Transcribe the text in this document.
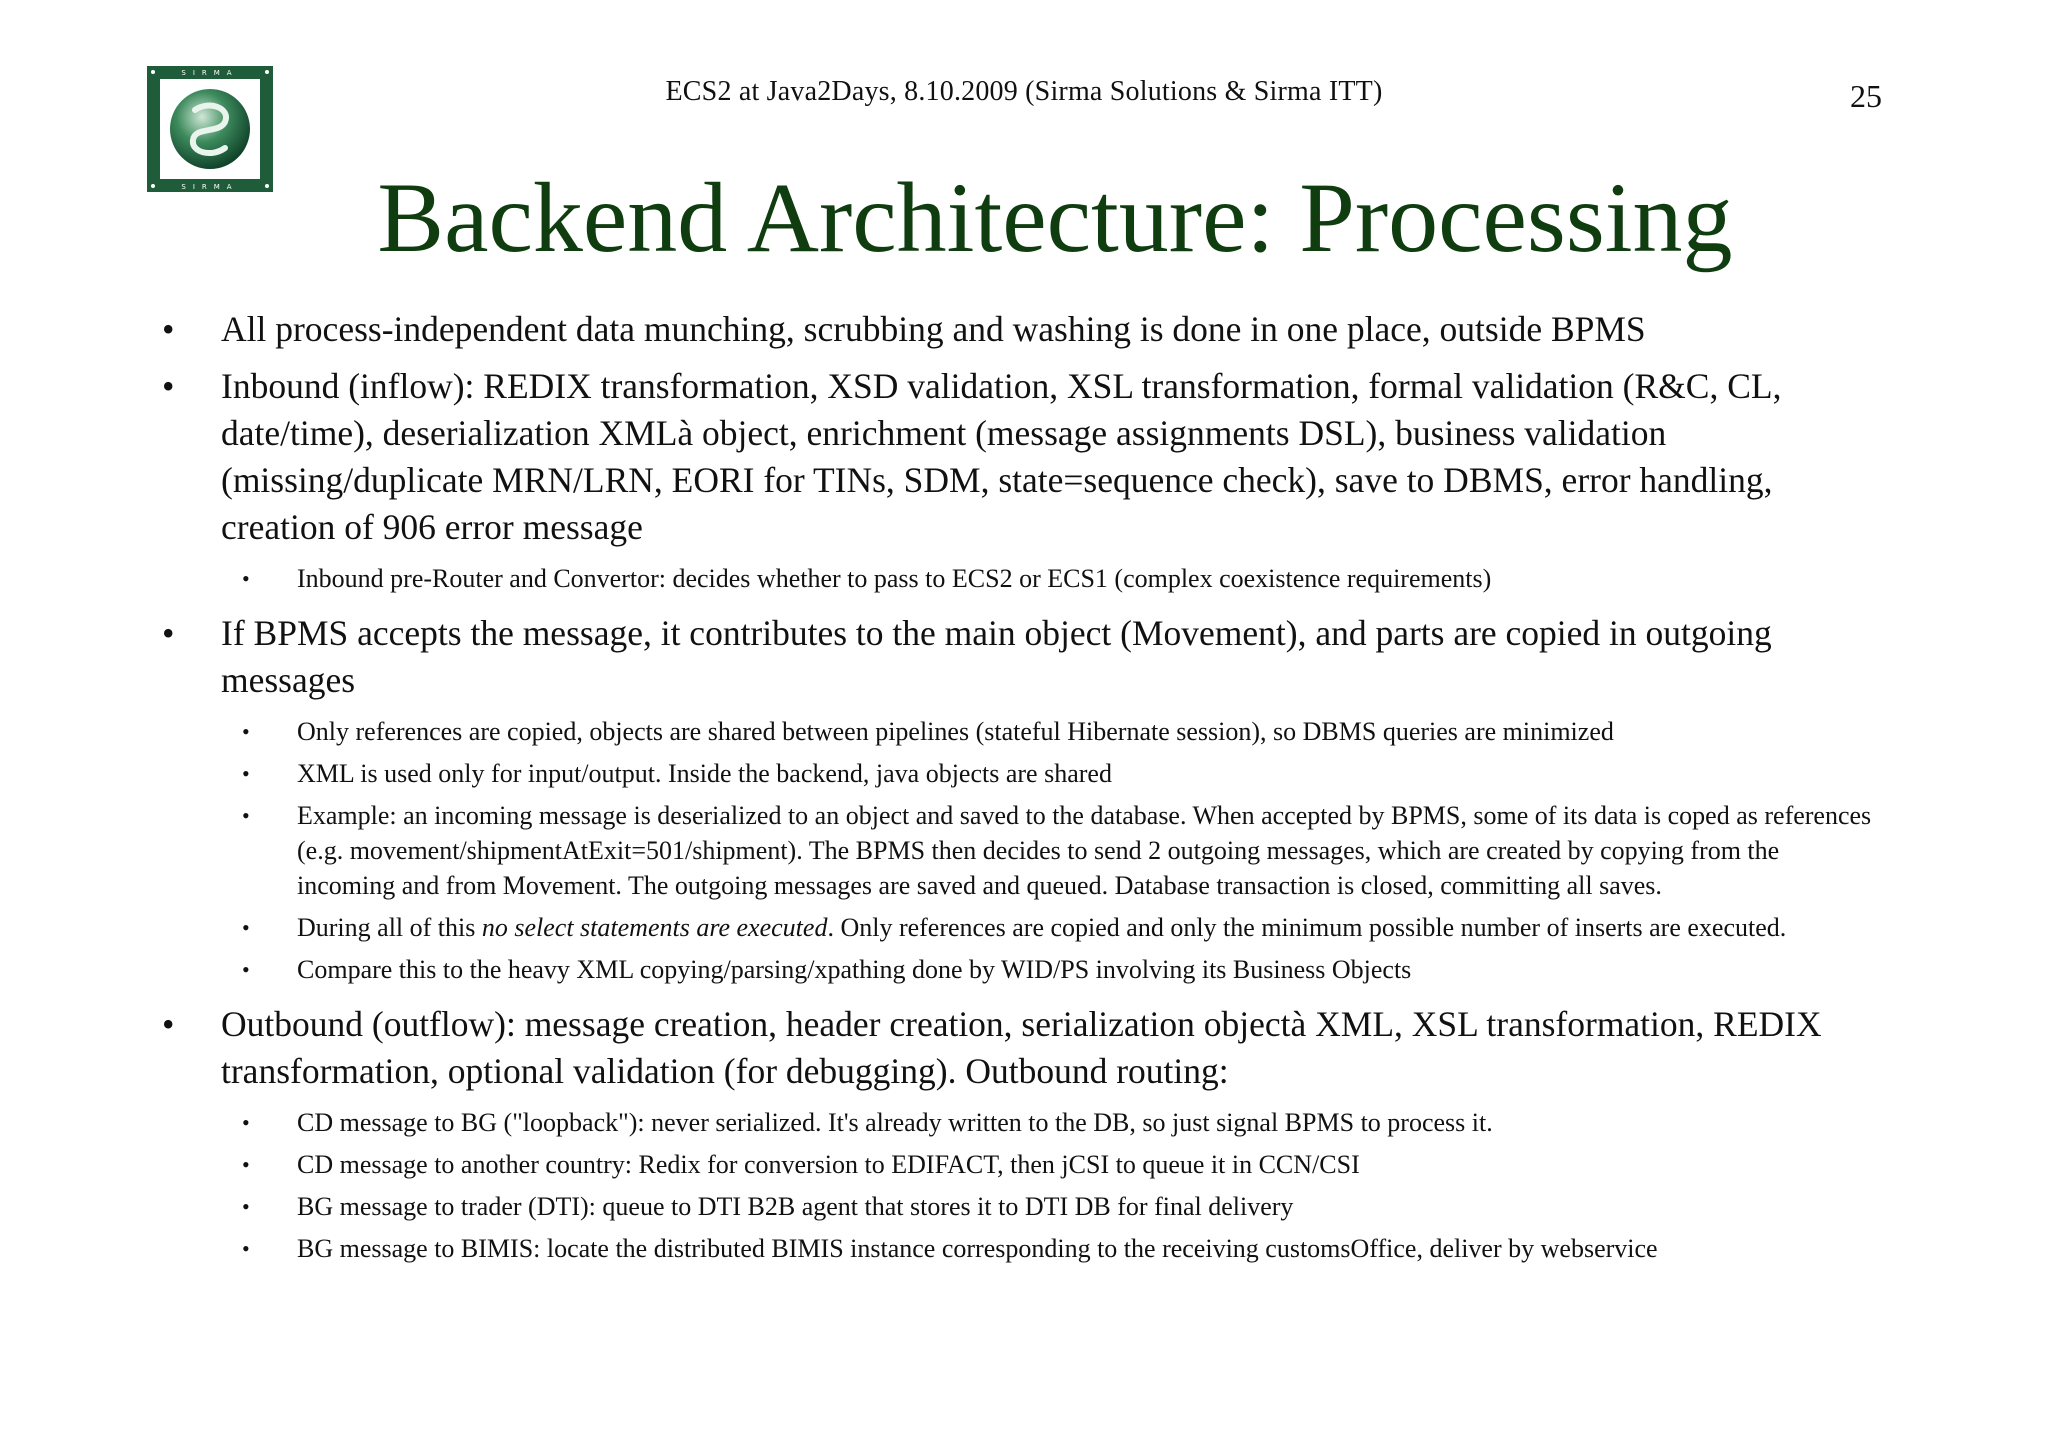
SIRMA
SIRMA
ECS2 at Java2Days, 8.10.2009 (Sirma Solutions & Sirma ITT)	25
Backend Architecture: Processing
• All process-independent data munching, scrubbing and washing is done in one place, outside BPMS
• Inbound (inflow): REDIX transformation, XSD validation, XSL transformation, formal validation (R&C, CL, date/time), deserialization XMLà object, enrichment (message assignments DSL), business validation (missing/duplicate MRN/LRN, EORI for TINs, SDM, state=sequence check), save to DBMS, error handling, creation of 906 error message
• Inbound pre-Router and Convertor: decides whether to pass to ECS2 or ECS1 (complex coexistence requirements)
• If BPMS accepts the message, it contributes to the main object (Movement), and parts are copied in outgoing messages
• Only references are copied, objects are shared between pipelines (stateful Hibernate session), so DBMS queries are minimized
• XML is used only for input/output. Inside the backend, java objects are shared
• Example: an incoming message is deserialized to an object and saved to the database. When accepted by BPMS, some of its data is coped as references (e.g. movement/shipmentAtExit=501/shipment). The BPMS then decides to send 2 outgoing messages, which are created by copying from the incoming and from Movement. The outgoing messages are saved and queued. Database transaction is closed, committing all saves.
• During all of this no select statements are executed. Only references are copied and only the minimum possible number of inserts are executed.
• Compare this to the heavy XML copying/parsing/xpathing done by WID/PS involving its Business Objects
• Outbound (outflow): message creation, header creation, serialization objectà XML, XSL transformation, REDIX transformation, optional validation (for debugging). Outbound routing:
• CD message to BG ("loopback"): never serialized. It's already written to the DB, so just signal BPMS to process it.
• CD message to another country: Redix for conversion to EDIFACT, then jCSI to queue it in CCN/CSI
• BG message to trader (DTI): queue to DTI B2B agent that stores it to DTI DB for final delivery
• BG message to BIMIS: locate the distributed BIMIS instance corresponding to the receiving customsOffice, deliver by webservice
